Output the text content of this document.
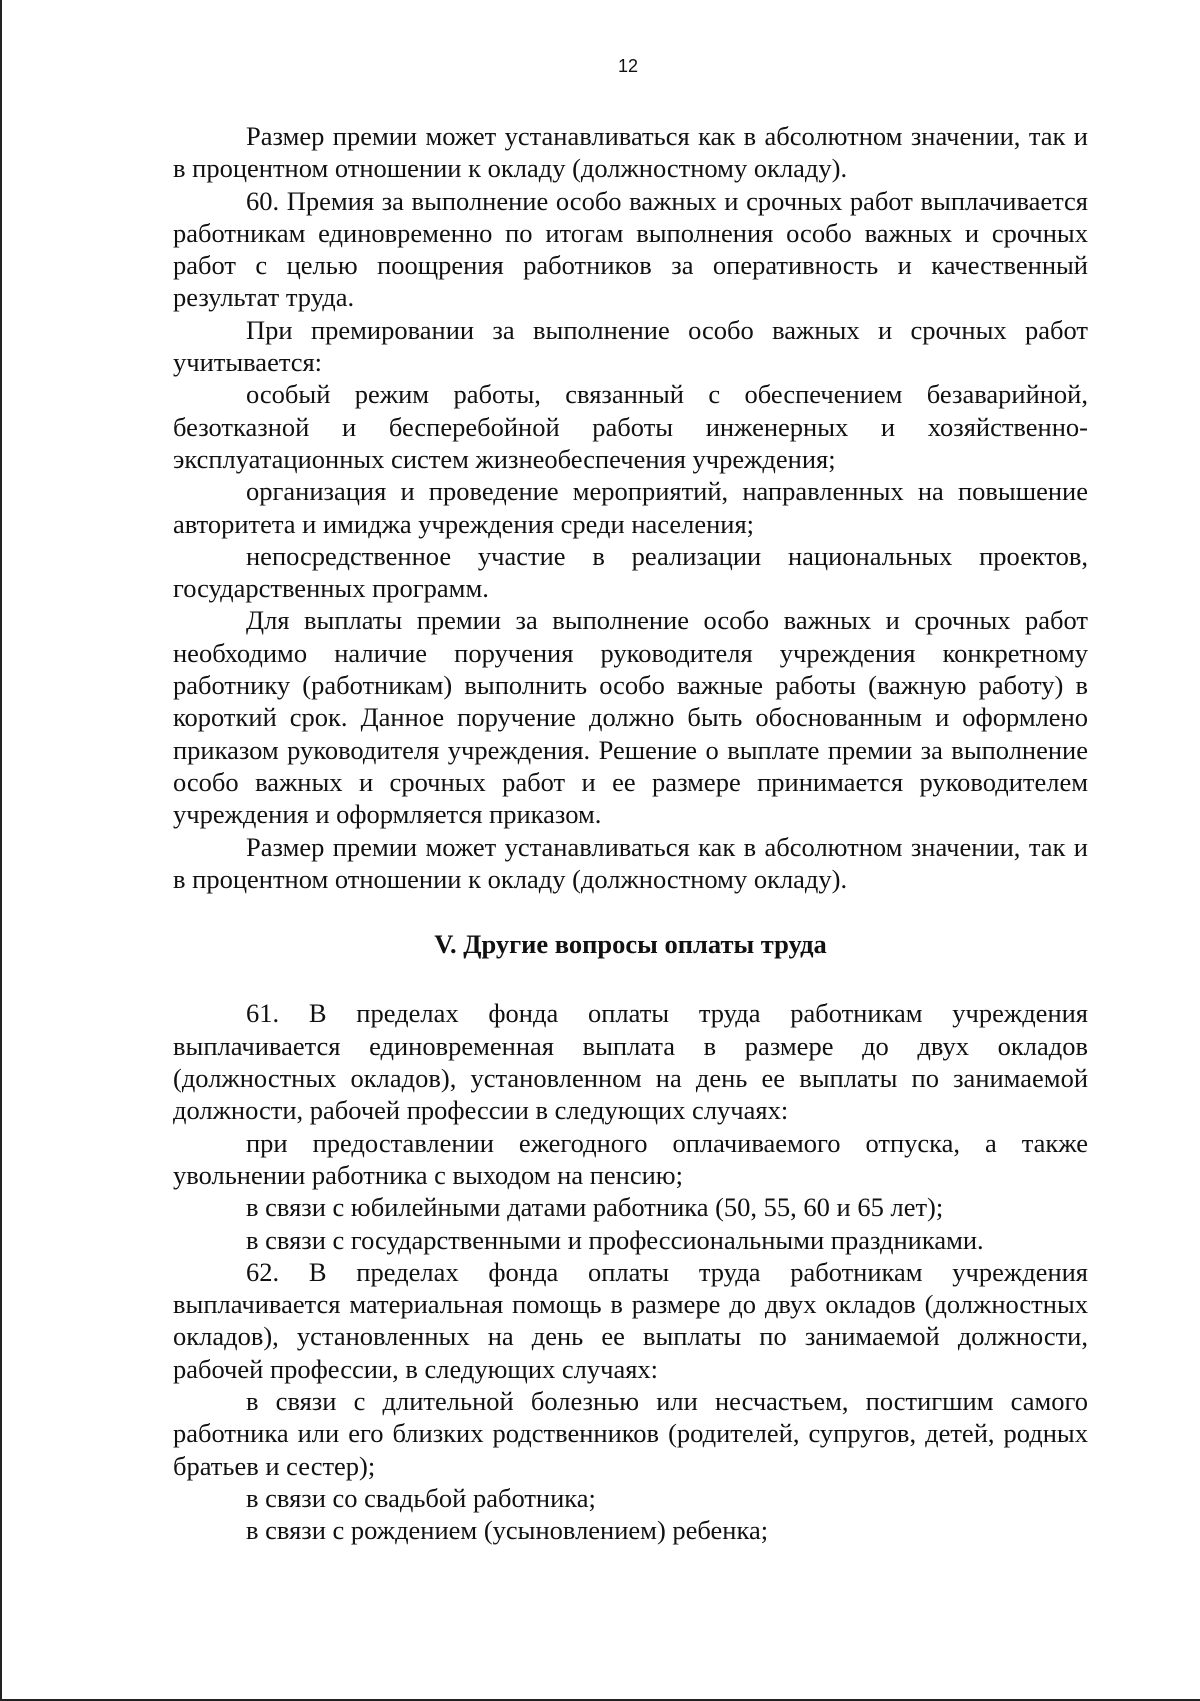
12

Размер премии может устанавливаться как в абсолютном значении, так и в процентном отношении к окладу (должностному окладу).

60. Премия за выполнение особо важных и срочных работ выплачивается работникам единовременно по итогам выполнения особо важных и срочных работ с целью поощрения работников за оперативность и качественный результат труда.

При премировании за выполнение особо важных и срочных работ учитывается:

особый режим работы, связанный с обеспечением безаварийной, безотказной и бесперебойной работы инженерных и хозяйственно-эксплуатационных систем жизнеобеспечения учреждения;

организация и проведение мероприятий, направленных на повышение авторитета и имиджа учреждения среди населения;

непосредственное участие в реализации национальных проектов, государственных программ.

Для выплаты премии за выполнение особо важных и срочных работ необходимо наличие поручения руководителя учреждения конкретному работнику (работникам) выполнить особо важные работы (важную работу) в короткий срок. Данное поручение должно быть обоснованным и оформлено приказом руководителя учреждения. Решение о выплате премии за выполнение особо важных и срочных работ и ее размере принимается руководителем учреждения и оформляется приказом.

Размер премии может устанавливаться как в абсолютном значении, так и в процентном отношении к окладу (должностному окладу).

V. Другие вопросы оплаты труда

61. В пределах фонда оплаты труда работникам учреждения выплачивается единовременная выплата в размере до двух окладов (должностных окладов), установленном на день ее выплаты по занимаемой должности, рабочей профессии в следующих случаях:

при предоставлении ежегодного оплачиваемого отпуска, а также увольнении работника с выходом на пенсию;

в связи с юбилейными датами работника (50, 55, 60 и 65 лет);

в связи с государственными и профессиональными праздниками.

62. В пределах фонда оплаты труда работникам учреждения выплачивается материальная помощь в размере до двух окладов (должностных окладов), установленных на день ее выплаты по занимаемой должности, рабочей профессии, в следующих случаях:

в связи с длительной болезнью или несчастьем, постигшим самого работника или его близких родственников (родителей, супругов, детей, родных братьев и сестер);

в связи со свадьбой работника;

в связи с рождением (усыновлением) ребенка;
